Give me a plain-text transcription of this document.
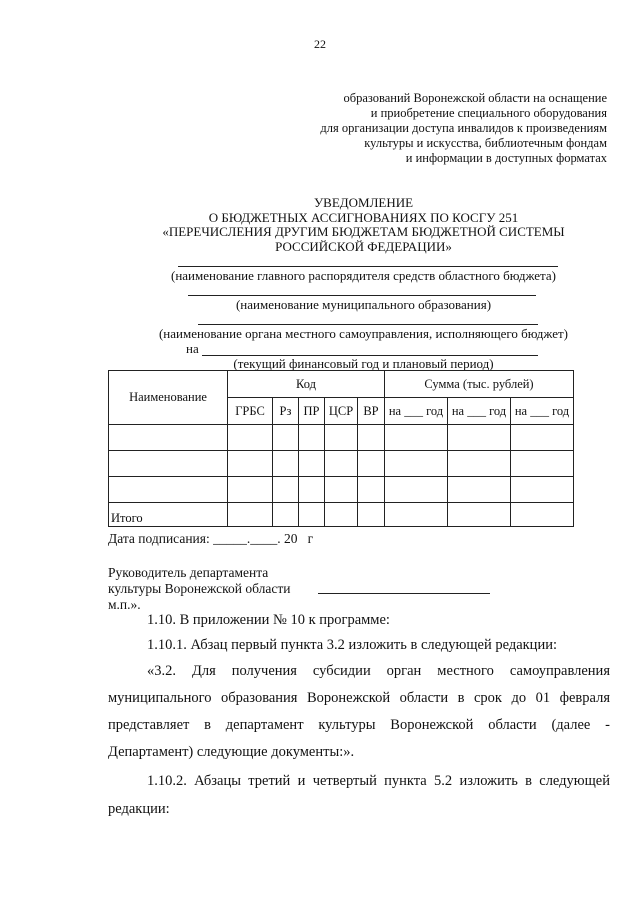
22
образований Воронежской области на оснащение
и приобретение специального оборудования
для организации доступа инвалидов к произведениям
культуры и искусства, библиотечным фондам
и информации в доступных форматах
УВЕДОМЛЕНИЕ
О БЮДЖЕТНЫХ АССИГНОВАНИЯХ ПО КОСГУ 251
«ПЕРЕЧИСЛЕНИЯ ДРУГИМ БЮДЖЕТАМ БЮДЖЕТНОЙ СИСТЕМЫ
РОССИЙСКОЙ ФЕДЕРАЦИИ»
(наименование главного распорядителя средств областного бюджета)
(наименование муниципального образования)
(наименование органа местного самоуправления, исполняющего бюджет)
на
(текущий финансовый год и плановый период)
Наименование	Код					Сумма (тыс. рублей)		
	ГРБС	Рз	ПР	ЦСР	ВР	на ___ год	на ___ год	на ___ год

Итого								
Дата подписания: _____.____. 20   г
Руководитель департамента
культуры Воронежской области
м.п.».
1.10. В приложении № 10 к программе:
1.10.1. Абзац первый пункта 3.2 изложить в следующей редакции:
«3.2. Для получения субсидии орган местного самоуправления
муниципального образования Воронежской области в срок до 01 февраля
представляет в департамент культуры Воронежской области (далее -
Департамент) следующие документы:».
1.10.2. Абзацы третий и четвертый пункта 5.2 изложить в следующей
редакции:
